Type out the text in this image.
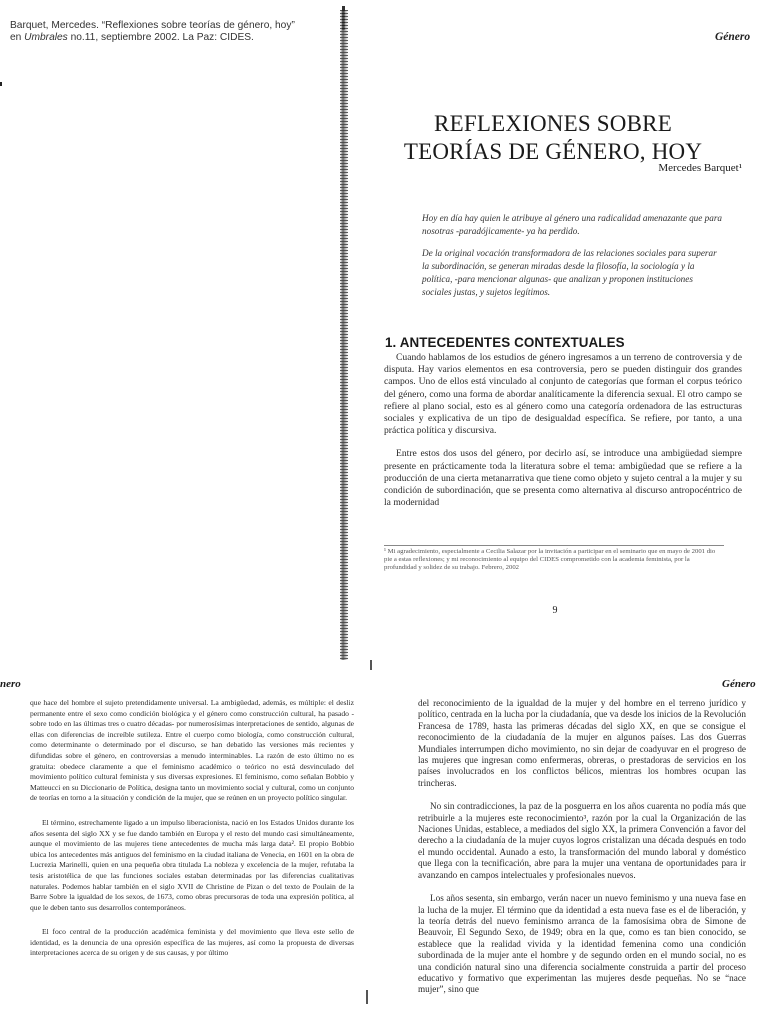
Barquet, Mercedes. “Reflexiones sobre teorías de género, hoy” en Umbrales no.11, septiembre 2002. La Paz: CIDES.	Género
REFLEXIONES SOBRE
TEORÍAS DE GÉNERO, HOY
Mercedes Barquet¹

Hoy en día hay quien le atribuye al género una radicalidad amenazante que para nosotras -paradójicamente- ya ha perdido.

De la original vocación transformadora de las relaciones sociales para superar la subordinación, se generan miradas desde la filosofía, la sociología y la política, -para mencionar algunas- que analizan y proponen instituciones sociales justas, y sujetos legítimos.

1. ANTECEDENTES CONTEXTUALES

Cuando hablamos de los estudios de género ingresamos a un terreno de controversia y de disputa. Hay varios elementos en esa controversia, pero se pueden distinguir dos grandes campos. Uno de ellos está vinculado al conjunto de categorías que forman el corpus teórico del género, como una forma de abordar analíticamente la diferencia sexual. El otro campo se refiere al plano social, esto es al género como una categoría ordenadora de las estructuras sociales y explicativa de un tipo de desigualdad específica. Se refiere, por tanto, a una práctica política y discursiva.

Entre estos dos usos del género, por decirlo así, se introduce una ambigüedad siempre presente en prácticamente toda la literatura sobre el tema: ambigüedad que se refiere a la producción de una cierta metanarrativa que tiene como objeto y sujeto central a la mujer y su condición de subordinación, que se presenta como alternativa al discurso antropocéntrico de la modernidad

¹ Mi agradecimiento, especialmente a Cecilia Salazar por la invitación a participar en el seminario que en mayo de 2001 dio pie a estas reflexiones; y mi reconocimiento al equipo del CIDES comprometido con la academia feminista, por la profundidad y solidez de su trabajo. Febrero, 2002
9
nero	Género

que hace del hombre el sujeto pretendidamente universal. La ambigüedad, además, es múltiple: el desliz permanente entre el sexo como condición biológica y el género como construcción cultural, ha pasado -sobre todo en las últimas tres o cuatro décadas- por numerosísimas interpretaciones de sentido, algunas de ellas con diferencias de increíble sutileza. Entre el cuerpo como biología, como construcción cultural, como determinante o determinado por el discurso, se han debatido las versiones más recientes y difundidas sobre el género, en controversias a menudo interminables. La razón de esto último no es gratuita: obedece claramente a que el feminismo académico o teórico no está desvinculado del movimiento político cultural feminista y sus diversas expresiones. El feminismo, como señalan Bobbio y Matteucci en su Diccionario de Política, designa tanto un movimiento social y cultural, como un conjunto de teorías en torno a la situación y condición de la mujer, que se reúnen en un proyecto político singular.

El término, estrechamente ligado a un impulso liberacionista, nació en los Estados Unidos durante los años sesenta del siglo XX y se fue dando también en Europa y el resto del mundo casi simultáneamente, aunque el movimiento de las mujeres tiene antecedentes de mucha más larga data². El propio Bobbio ubica los antecedentes más antiguos del feminismo en la ciudad italiana de Venecia, en 1601 en la obra de Lucrezia Marinelli, quien en una pequeña obra titulada La nobleza y excelencia de la mujer, refutaba la tesis aristotélica de que las funciones sociales estaban determinadas por las diferencias cualitativas naturales. Podemos hablar también en el siglo XVII de Christine de Pizan o del texto de Poulain de la Barre Sobre la igualdad de los sexos, de 1673, como obras precursoras de toda una expresión política, al que le deben tanto sus desarrollos contemporáneos.

El foco central de la producción académica feminista y del movimiento que lleva este sello de identidad, es la denuncia de una opresión específica de las mujeres, así como la propuesta de diversas interpretaciones acerca de su origen y de sus causas, y por último

del reconocimiento de la igualdad de la mujer y del hombre en el terreno jurídico y político, centrada en la lucha por la ciudadanía, que va desde los inicios de la Revolución Francesa de 1789, hasta las primeras décadas del siglo XX, en que se consigue el reconocimiento de la ciudadanía de la mujer en algunos países. Las dos Guerras Mundiales interrumpen dicho movimiento, no sin dejar de coadyuvar en el progreso de las mujeres que ingresan como enfermeras, obreras, o prestadoras de servicios en los países involucrados en los conflictos bélicos, mientras los hombres ocupan las trincheras.

No sin contradicciones, la paz de la posguerra en los años cuarenta no podía más que retribuirle a la mujeres este reconocimiento³, razón por la cual la Organización de las Naciones Unidas, establece, a mediados del siglo XX, la primera Convención a favor del derecho a la ciudadanía de la mujer cuyos logros cristalizan una década después en todo el mundo occidental. Aunado a esto, la transformación del mundo laboral y doméstico que llega con la tecnificación, abre para la mujer una ventana de oportunidades para ir avanzando en campos intelectuales y profesionales nuevos.

Los años sesenta, sin embargo, verán nacer un nuevo feminismo y una nueva fase en la lucha de la mujer. El término que da identidad a esta nueva fase es el de liberación, y la teoría detrás del nuevo feminismo arranca de la famosísima obra de Simone de Beauvoir, El Segundo Sexo, de 1949; obra en la que, como es tan bien conocido, se establece que la realidad vivida y la identidad femenina como una condición subordinada de la mujer ante el hombre y de segundo orden en el mundo social, no es una condición natural sino una diferencia socialmente construida a partir del proceso educativo y formativo que experimentan las mujeres desde pequeñas. No se “nace mujer”, sino que
